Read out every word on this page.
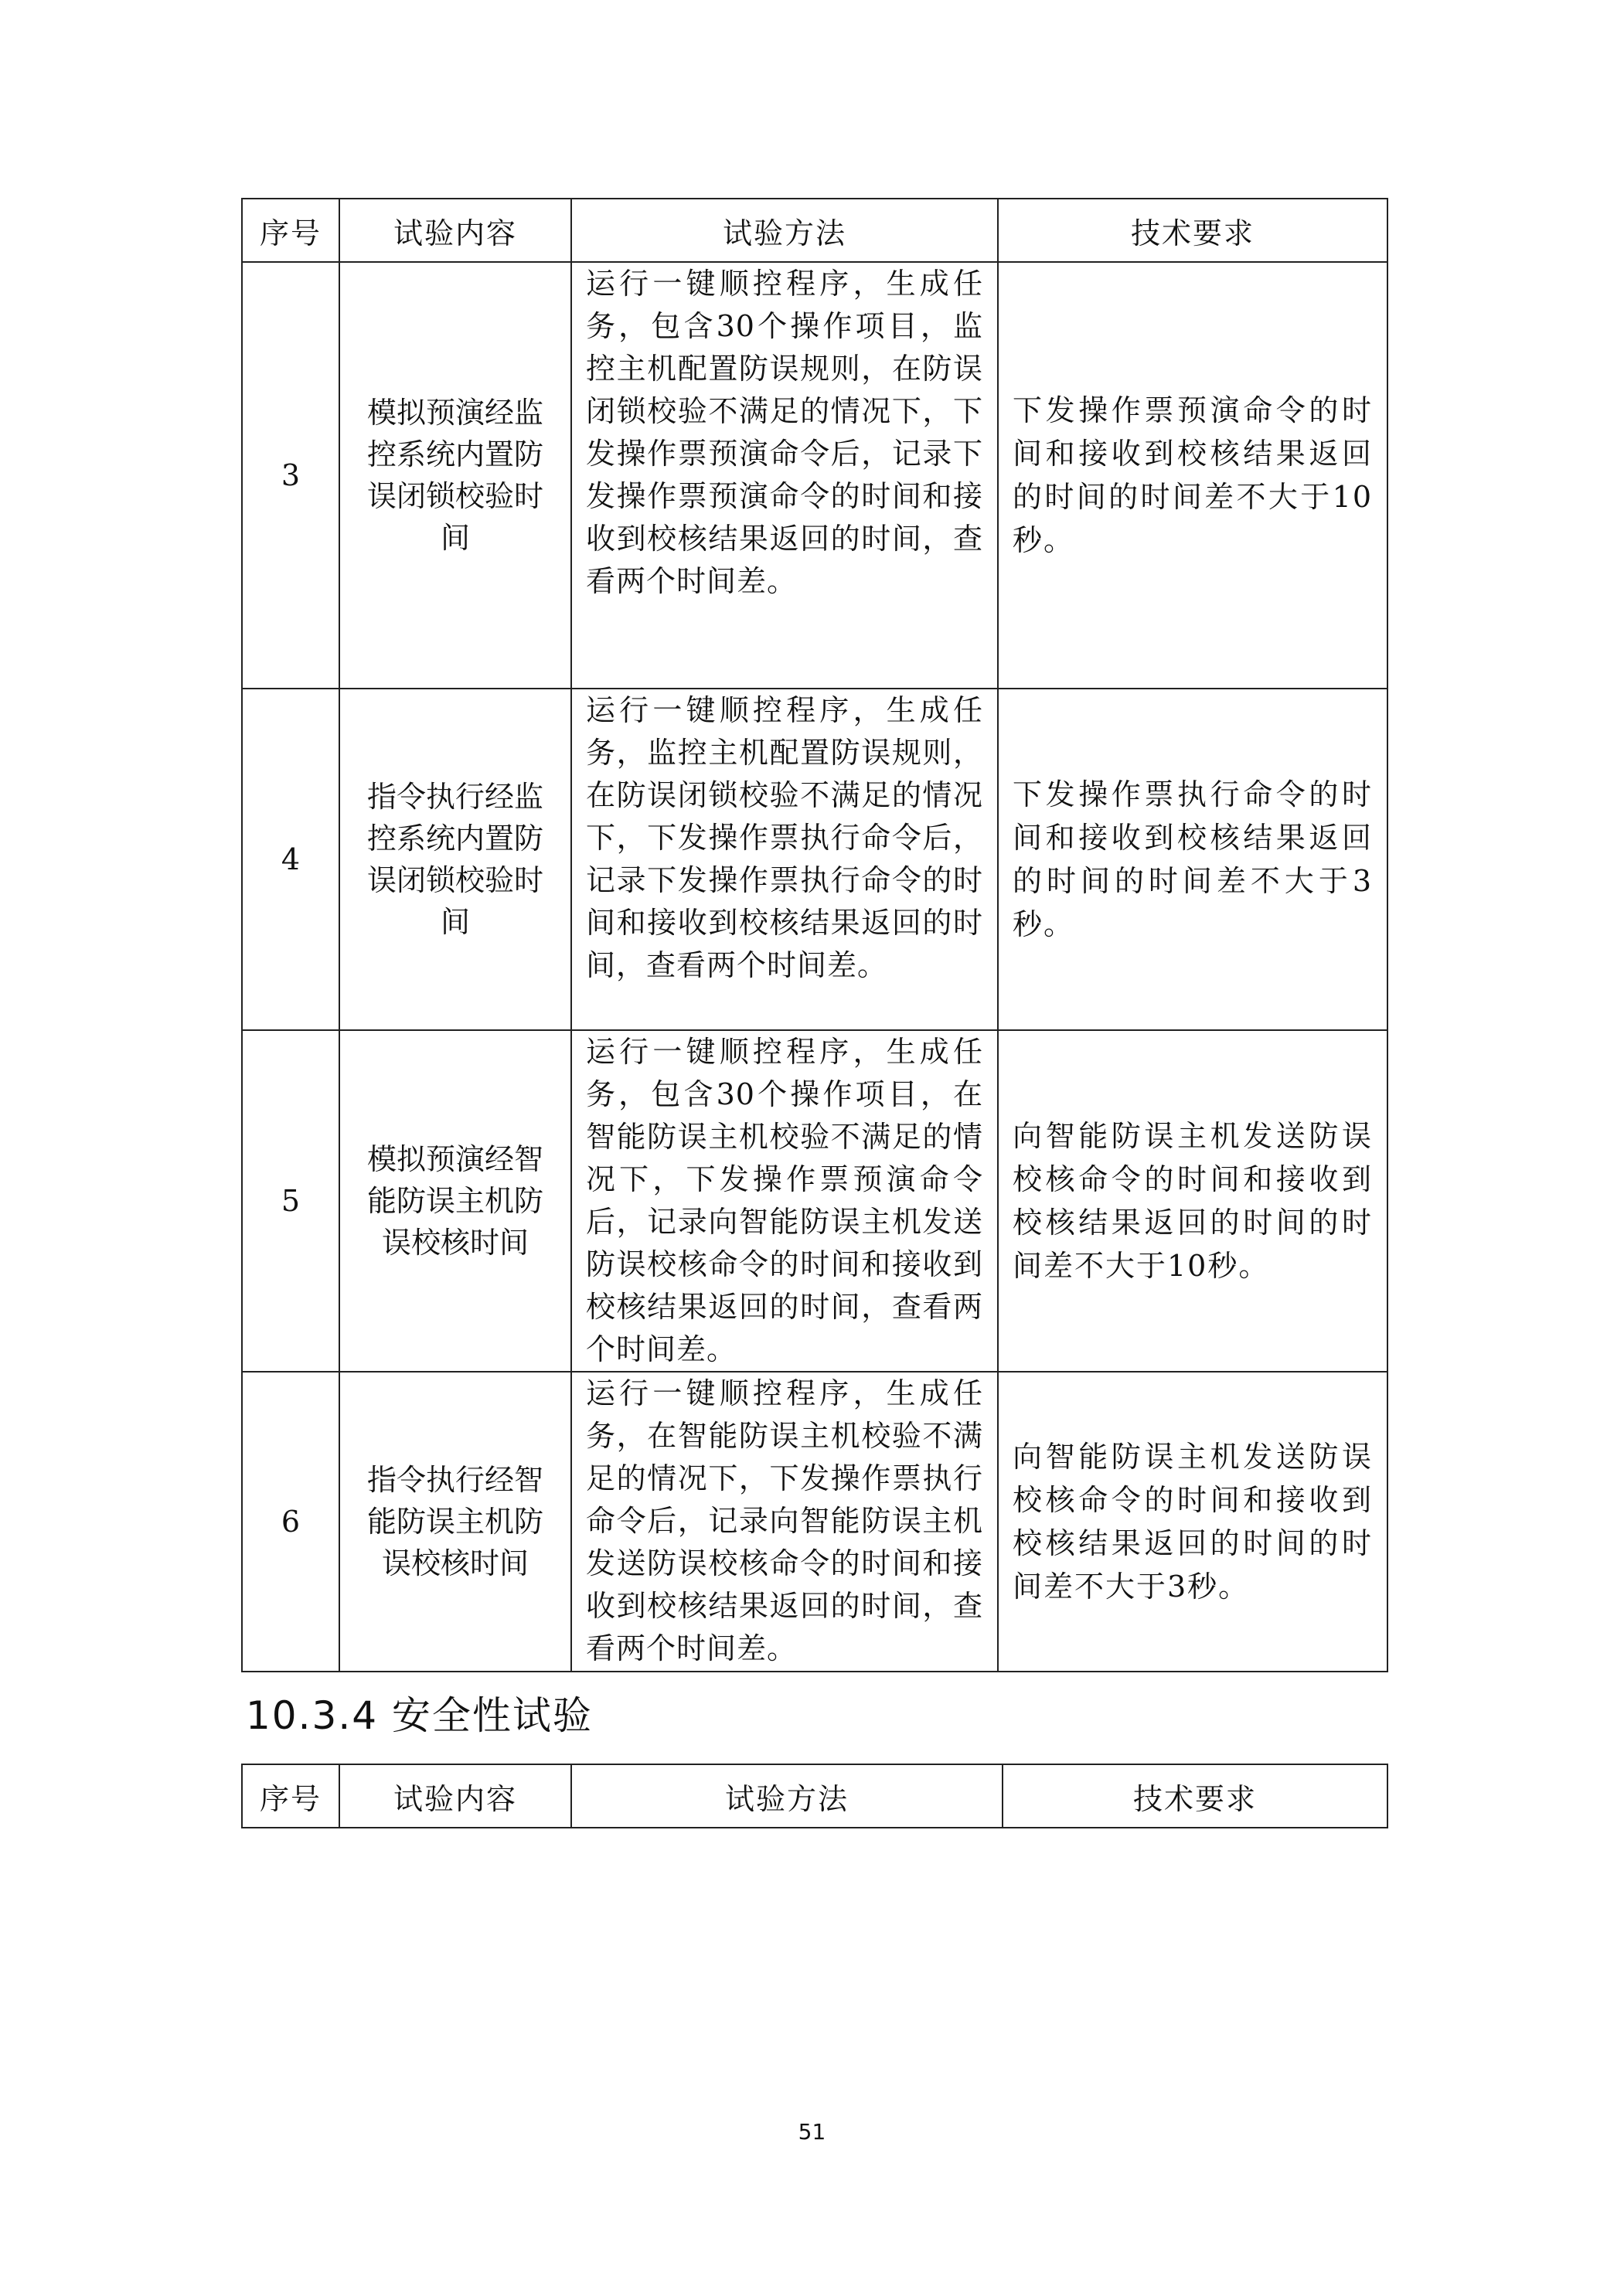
序号	试验内容	试验方法	技术要求
3	模拟预演经监控系统内置防误闭锁校验时间	运行一键顺控程序，生成任务，包含30个操作项目，监控主机配置防误规则，在防误闭锁校验不满足的情况下，下发操作票预演命令后，记录下发操作票预演命令的时间和接收到校核结果返回的时间，查看两个时间差。	下发操作票预演命令的时间和接收到校核结果返回的时间的时间差不大于10秒。
4	指令执行经监控系统内置防误闭锁校验时间	运行一键顺控程序，生成任务，监控主机配置防误规则，在防误闭锁校验不满足的情况下，下发操作票执行命令后，记录下发操作票执行命令的时间和接收到校核结果返回的时间，查看两个时间差。	下发操作票执行命令的时间和接收到校核结果返回的时间的时间差不大于3秒。
5	模拟预演经智能防误主机防误校核时间	运行一键顺控程序，生成任务，包含30个操作项目，在智能防误主机校验不满足的情况下，下发操作票预演命令后，记录向智能防误主机发送防误校核命令的时间和接收到校核结果返回的时间，查看两个时间差。	向智能防误主机发送防误校核命令的时间和接收到校核结果返回的时间的时间差不大于10秒。
6	指令执行经智能防误主机防误校核时间	运行一键顺控程序，生成任务，在智能防误主机校验不满足的情况下，下发操作票执行命令后，记录向智能防误主机发送防误校核命令的时间和接收到校核结果返回的时间，查看两个时间差。	向智能防误主机发送防误校核命令的时间和接收到校核结果返回的时间的时间差不大于3秒。
10.3.4 安全性试验
序号	试验内容	试验方法	技术要求
51
